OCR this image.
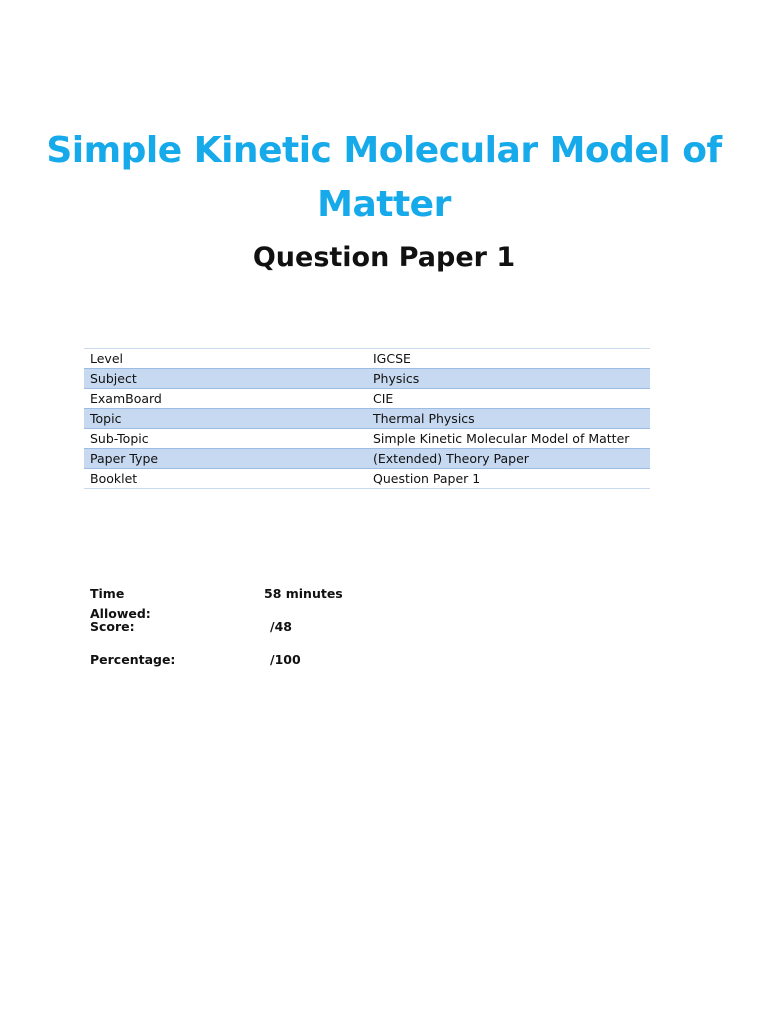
Simple Kinetic Molecular Model of Matter
Question Paper 1
Level	IGCSE
Subject	Physics
ExamBoard	CIE
Topic	Thermal Physics
Sub-Topic	Simple Kinetic Molecular Model of Matter
Paper Type	(Extended) Theory Paper
Booklet	Question Paper 1
Time Allowed:
58 minutes
Score:	/48
Percentage:	/100
